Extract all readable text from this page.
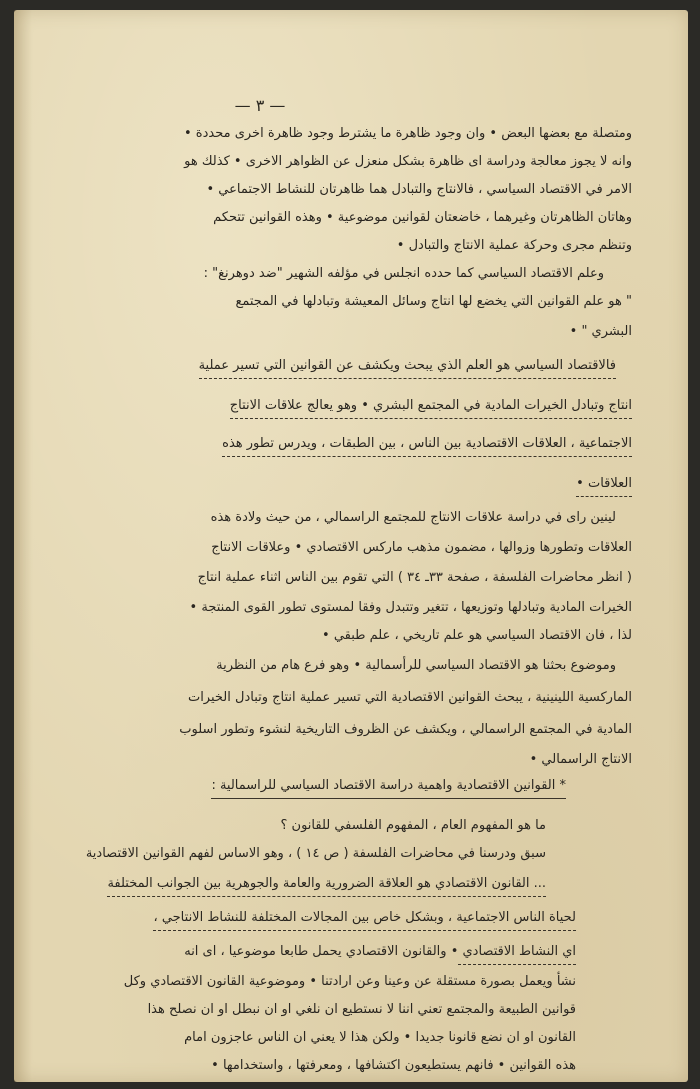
— ٣ —
ومتصلة مع بعضها البعض • وان وجود ظاهرة ما يشترط وجود ظاهرة اخرى محددة •
وانه لا يجوز معالجة ودراسة اى ظاهرة بشكل منعزل عن الظواهر الاخرى • كذلك هو
الامر في الاقتصاد السياسي ، فالانتاج والتبادل هما ظاهرتان للنشاط الاجتماعي •
وهاتان الظاهرتان وغيرهما ، خاضعتان لقوانين موضوعية • وهذه القوانين تتحكم
وتنظم مجرى وحركة عملية الانتاج والتبادل •
وعلم الاقتصاد السياسي كما حدده انجلس في مؤلفه الشهير "ضد دوهرنغ" :
" هو علم القوانين التي يخضع لها انتاج وسائل المعيشة وتبادلها في المجتمع
البشري " •
فالاقتصاد السياسي هو العلم الذي يبحث ويكشف عن القوانين التي تسير عملية
انتاج وتبادل الخيرات المادية في المجتمع البشري • وهو يعالج علاقات الانتاج
الاجتماعية ، العلاقات الاقتصادية بين الناس ، بين الطبقات ، ويدرس تطور هذه
العلاقات •
لينين راى في دراسة علاقات الانتاج للمجتمع الراسمالي ، من حيث ولادة هذه
العلاقات وتطورها وزوالها ، مضمون مذهب ماركس الاقتصادي • وعلاقات الانتاج
( انظر محاضرات الفلسفة ، صفحة ٣٣ـ ٣٤ ) التي تقوم بين الناس اثناء عملية انتاج
الخيرات المادية وتبادلها وتوزيعها ، تتغير وتتبدل وفقا لمستوى تطور القوى المنتجة •
لذا ، فان الاقتصاد السياسي هو علم تاريخي ، علم طبقي •
وموضوع بحثنا هو الاقتصاد السياسي للرأسمالية • وهو فرع هام من النظرية
الماركسية اللينينية ، يبحث القوانين الاقتصادية التي تسير عملية انتاج وتبادل الخيرات
المادية في المجتمع الراسمالي ، ويكشف عن الظروف التاريخية لنشوء وتطور اسلوب
الانتاج الراسمالي •
* القوانين الاقتصادية واهمية دراسة الاقتصاد السياسي للراسمالية :
ما هو المفهوم العام ، المفهوم الفلسفي للقانون ؟
سبق ودرسنا في محاضرات الفلسفة ( ص ١٤ ) ، وهو الاساس لفهم القوانين الاقتصادية
... القانون الاقتصادي هو العلاقة الضرورية والعامة والجوهرية بين الجوانب المختلفة
لحياة الناس الاجتماعية ، وبشكل خاص بين المجالات المختلفة للنشاط الانتاجي ،
اي النشاط الاقتصادي • والقانون الاقتصادي يحمل طابعا موضوعيا ، اى انه
نشأ ويعمل بصورة مستقلة عن وعينا وعن ارادتنا • وموضوعية القانون الاقتصادي وكل
قوانين الطبيعة والمجتمع تعني اننا لا نستطيع ان نلغي او ان نبطل او ان نصلح هذا
القانون او ان نضع قانونا جديدا • ولكن هذا لا يعني ان الناس عاجزون امام
هذه القوانين • فانهم يستطيعون اكتشافها ، ومعرفتها ، واستخدامها •
